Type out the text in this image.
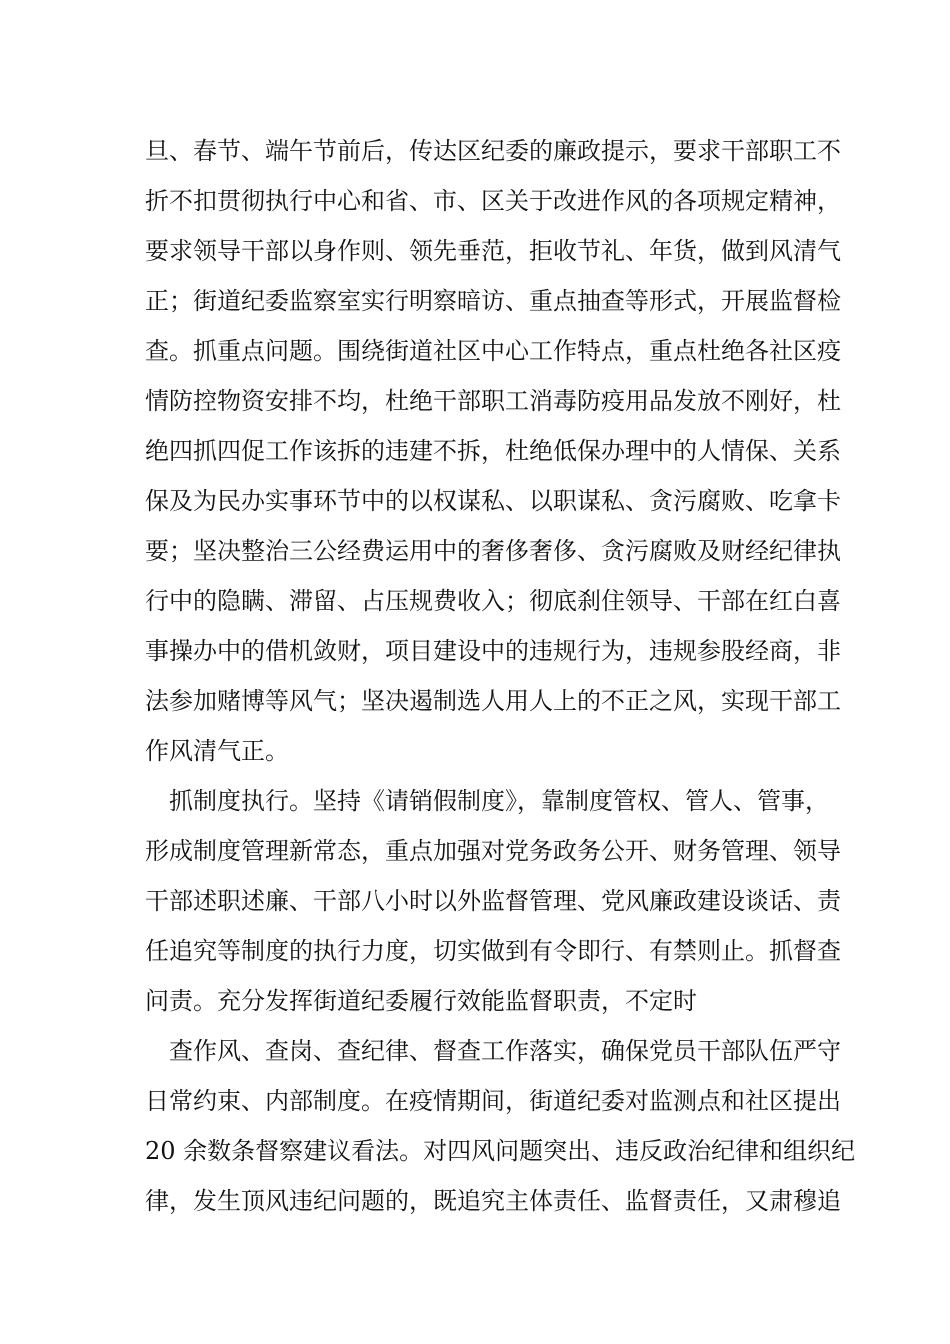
旦、春节、端午节前后，传达区纪委的廉政提示，要求干部职工不
折不扣贯彻执行中心和省、市、区关于改进作风的各项规定精神，
要求领导干部以身作则、领先垂范，拒收节礼、年货，做到风清气
正；街道纪委监察室实行明察暗访、重点抽查等形式，开展监督检
查。抓重点问题。围绕街道社区中心工作特点，重点杜绝各社区疫
情防控物资安排不均，杜绝干部职工消毒防疫用品发放不刚好，杜
绝四抓四促工作该拆的违建不拆，杜绝低保办理中的人情保、关系
保及为民办实事环节中的以权谋私、以职谋私、贪污腐败、吃拿卡
要；坚决整治三公经费运用中的奢侈奢侈、贪污腐败及财经纪律执
行中的隐瞒、滞留、占压规费收入；彻底刹住领导、干部在红白喜
事操办中的借机敛财，项目建设中的违规行为，违规参股经商，非
法参加赌博等风气；坚决遏制选人用人上的不正之风，实现干部工
作风清气正。
抓制度执行。坚持《请销假制度》，靠制度管权、管人、管事，
形成制度管理新常态，重点加强对党务政务公开、财务管理、领导
干部述职述廉、干部八小时以外监督管理、党风廉政建设谈话、责
任追究等制度的执行力度，切实做到有令即行、有禁则止。抓督查
问责。充分发挥街道纪委履行效能监督职责，不定时
查作风、查岗、查纪律、督查工作落实，确保党员干部队伍严守
日常约束、内部制度。在疫情期间，街道纪委对监测点和社区提出
20 余数条督察建议看法。对四风问题突出、违反政治纪律和组织纪
律，发生顶风违纪问题的，既追究主体责任、监督责任，又肃穆追
